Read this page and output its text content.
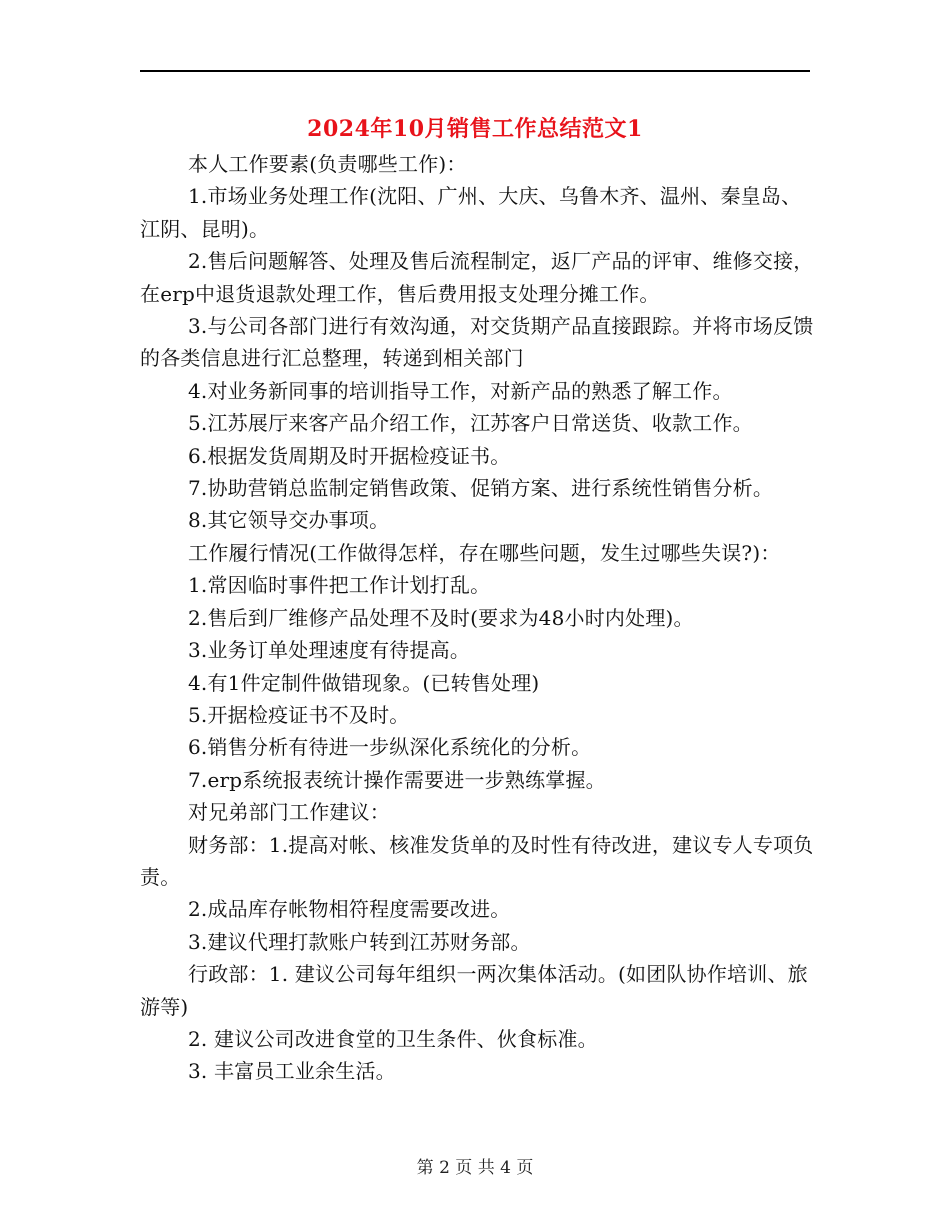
2024年10月销售工作总结范文1

本人工作要素(负责哪些工作)：

1.市场业务处理工作(沈阳、广州、大庆、乌鲁木齐、温州、秦皇岛、江阴、昆明)。

2.售后问题解答、处理及售后流程制定，返厂产品的评审、维修交接，在erp中退货退款处理工作，售后费用报支处理分摊工作。

3.与公司各部门进行有效沟通，对交货期产品直接跟踪。并将市场反馈的各类信息进行汇总整理，转递到相关部门

4.对业务新同事的培训指导工作，对新产品的熟悉了解工作。

5.江苏展厅来客产品介绍工作，江苏客户日常送货、收款工作。

6.根据发货周期及时开据检疫证书。

7.协助营销总监制定销售政策、促销方案、进行系统性销售分析。

8.其它领导交办事项。

工作履行情况(工作做得怎样，存在哪些问题，发生过哪些失误?)：

1.常因临时事件把工作计划打乱。

2.售后到厂维修产品处理不及时(要求为48小时内处理)。

3.业务订单处理速度有待提高。

4.有1件定制件做错现象。(已转售处理)

5.开据检疫证书不及时。

6.销售分析有待进一步纵深化系统化的分析。

7.erp系统报表统计操作需要进一步熟练掌握。

对兄弟部门工作建议：

财务部：1.提高对帐、核准发货单的及时性有待改进，建议专人专项负责。

2.成品库存帐物相符程度需要改进。

3.建议代理打款账户转到江苏财务部。

行政部：1. 建议公司每年组织一两次集体活动。(如团队协作培训、旅游等)

2. 建议公司改进食堂的卫生条件、伙食标准。

3. 丰富员工业余生活。

第 2 页 共 4 页
